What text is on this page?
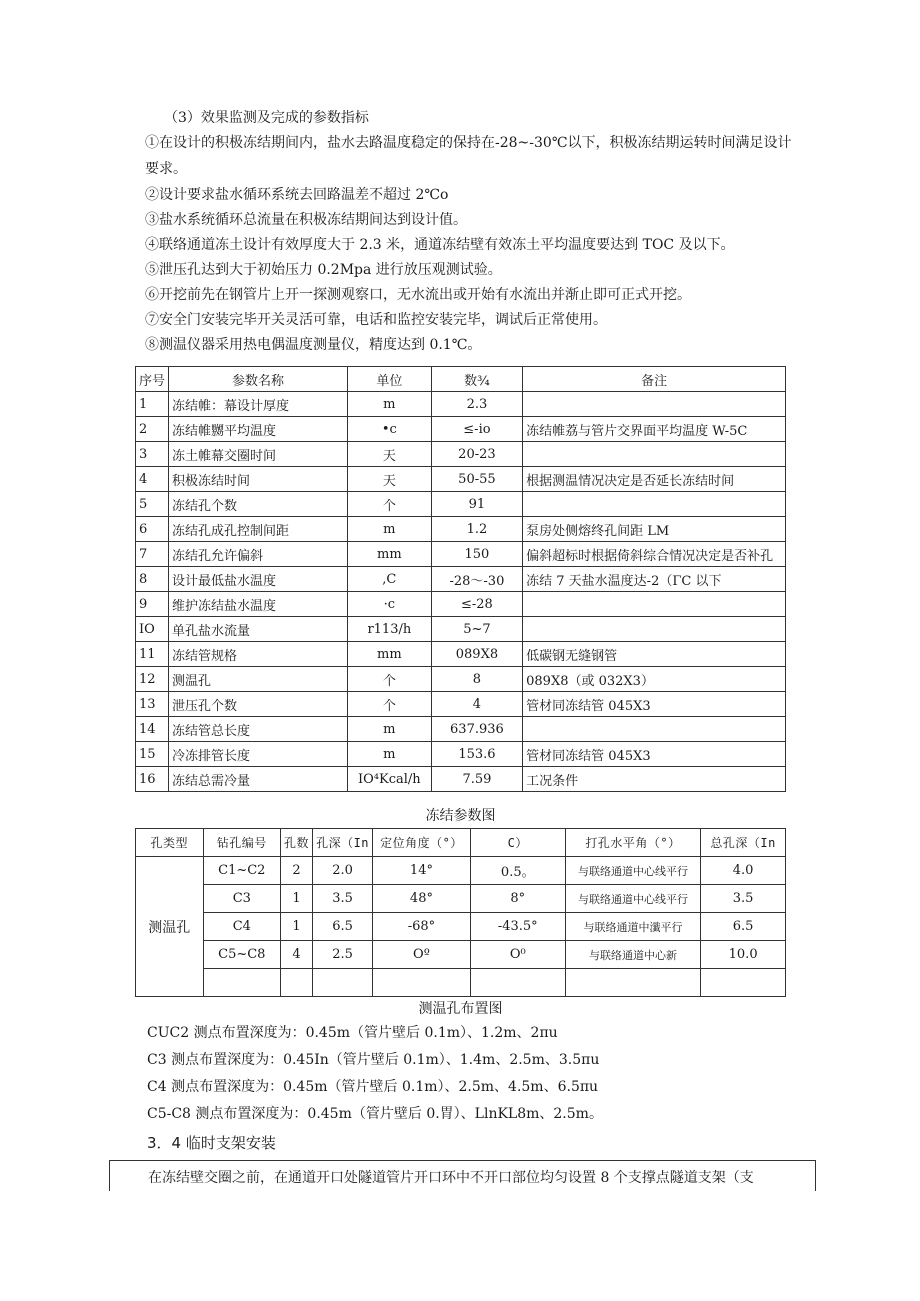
（3）效果监测及完成的参数指标
①在设计的积极冻结期间内，盐水去路温度稳定的保持在-28~-30℃以下，积极冻结期运转时间满足设计要求。
②设计要求盐水循环系统去回路温差不超过 2℃o
③盐水系统循环总流量在积极冻结期间达到设计值。
④联络通道冻土设计有效厚度大于 2.3 米，通道冻结壁有效冻土平均温度要达到 TOC 及以下。
⑤泄压孔达到大于初始压力 0.2Mpa 进行放压观测试验。
⑥开挖前先在钢管片上开一探测观察口，无水流出或开始有水流出并渐止即可正式开挖。
⑦安全门安装完毕开关灵活可靠，电话和监控安装完毕，调试后正常使用。
⑧测温仪器采用热电偶温度测量仪，精度达到 0.1℃。
序号	参数名称	单位	数¾	备注
1	冻结帷：幕设计厚度	m	2.3	
2	冻结帷嬲平均温度	•c	≤-io	冻结帷荔与管片交界面平均温度 W-5C
3	冻土帷幕交圈时间	天	20-23	
4	积极冻结时间	天	50-55	根据测温情况决定是否延长冻结时间
5	冻结孔个数	个	91	
6	冻结孔成孔控制间距	m	1.2	泵房处侧熔终孔间距 LM
7	冻结孔允许偏斜	mm	150	偏斜超标时根据倚斜综合情况决定是否补孔
8	设计最低盐水温度	,C	-28～-30	冻结 7 天盐水温度达-2（ΓC 以下
9	维护冻结盐水温度	·c	≤-28	
IO	单孔盐水流量	r113∕h	5~7	
11	冻结管规格	mm	089X8	低碳钢无缝钢管
12	测温孔	个	8	089X8（或 032X3）
13	泄压孔个数	个	4	管材同冻结管 045X3
14	冻结管总长度	m	637.936	
15	冷冻排管长度	m	153.6	管材同冻结管 045X3
16	冻结总需冷量	IO⁴Kcal/h	7.59	工况条件
冻结参数图
孔类型	钻孔编号	孔数	孔深（In	定位角度（°）	C）	打孔水平角（°）	总孔深（In
测温孔	C1~C2	2	2.0	14°	0.5。	与联络通道中心线平行	4.0
	C3	1	3.5	48°	8°	与联络通道中心线平行	3.5
	C4	1	6.5	-68°	-43.5°	与联络通道中瀸平行	6.5
	C5~C8	4	2.5	Oº	O⁰	与联络通道中心新	10.0

测温孔布置图
CUC2 测点布置深度为：0.45m（管片壁后 0.1m）、1.2m、2πu
C3 测点布置深度为：0.45In（管片壁后 0.1m）、1.4m、2.5m、3.5πu
C4 测点布置深度为：0.45m（管片壁后 0.1m）、2.5m、4.5m、6.5πu
C5-C8 测点布置深度为：0.45m（管片壁后 0.胃）、LlnKL8m、2.5m。
3．4 临时支架安装
在冻结壁交圈之前，在通道开口处隧道管片开口环中不开口部位均匀设置 8 个支撑点隧道支架（支
